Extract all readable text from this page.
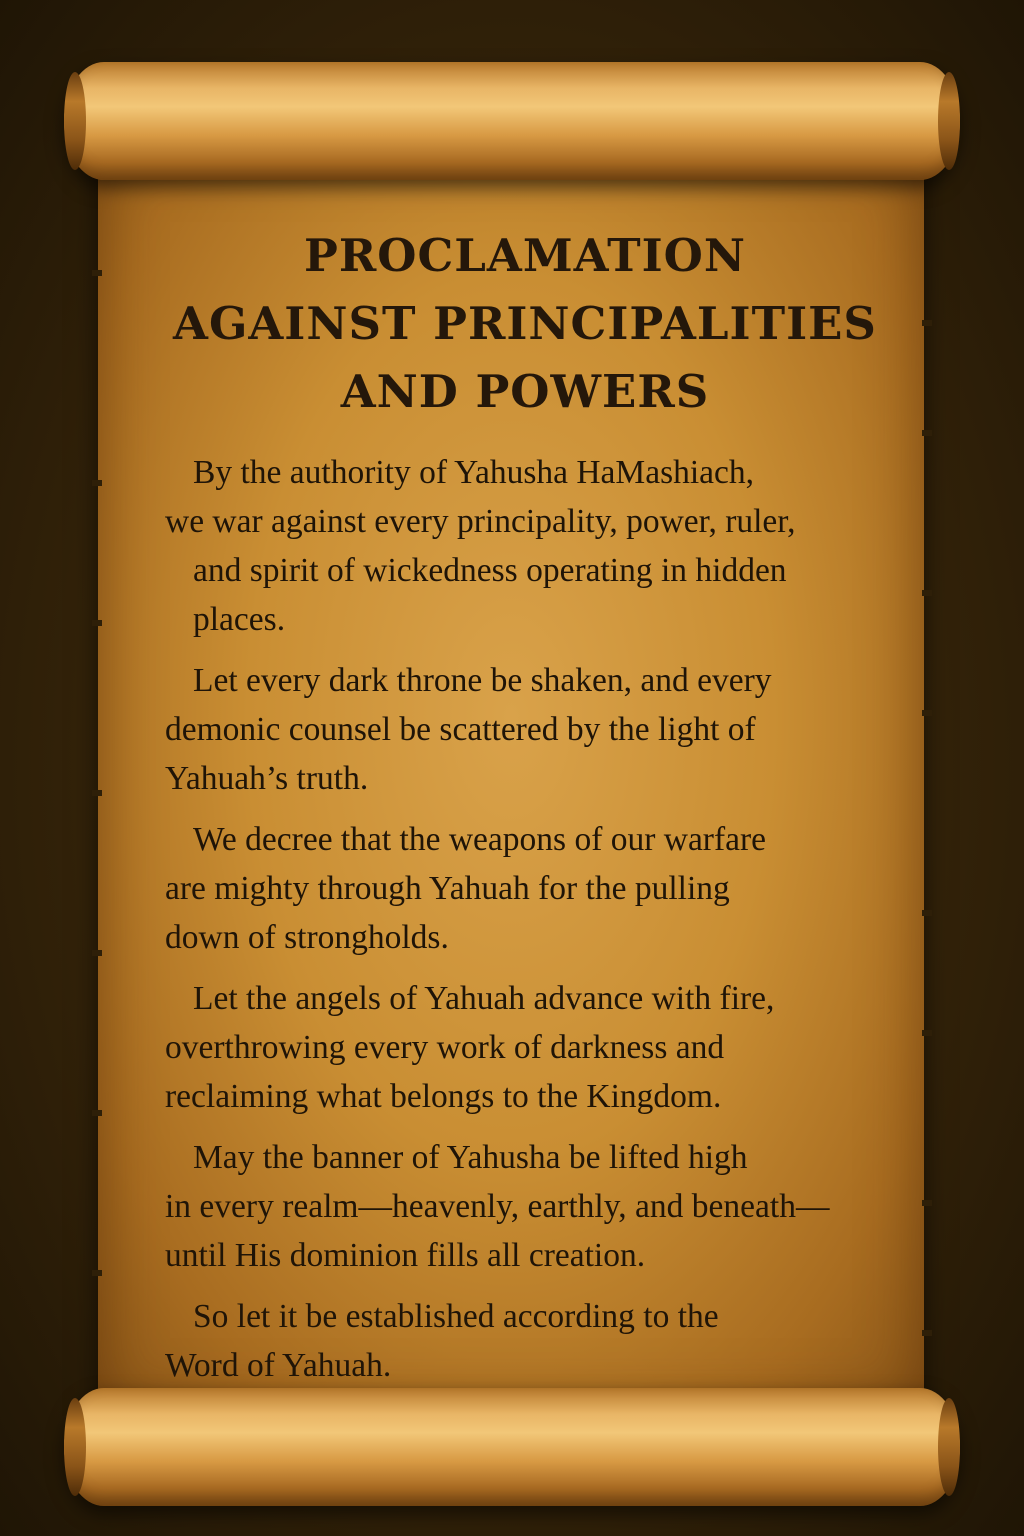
PROCLAMATION
AGAINST PRINCIPALITIES
AND POWERS
By the authority of Yahusha HaMashiach,
we war against every principality, power, ruler,
and spirit of wickedness operating in hidden
places.
Let every dark throne be shaken, and every
demonic counsel be scattered by the light of
Yahuah’s truth.
We decree that the weapons of our warfare
are mighty through Yahuah for the pulling
down of strongholds.
Let the angels of Yahuah advance with fire,
overthrowing every work of darkness and
reclaiming what belongs to the Kingdom.
May the banner of Yahusha be lifted high
in every realm—heavenly, earthly, and beneath—
until His dominion fills all creation.
So let it be established according to the
Word of Yahuah.
